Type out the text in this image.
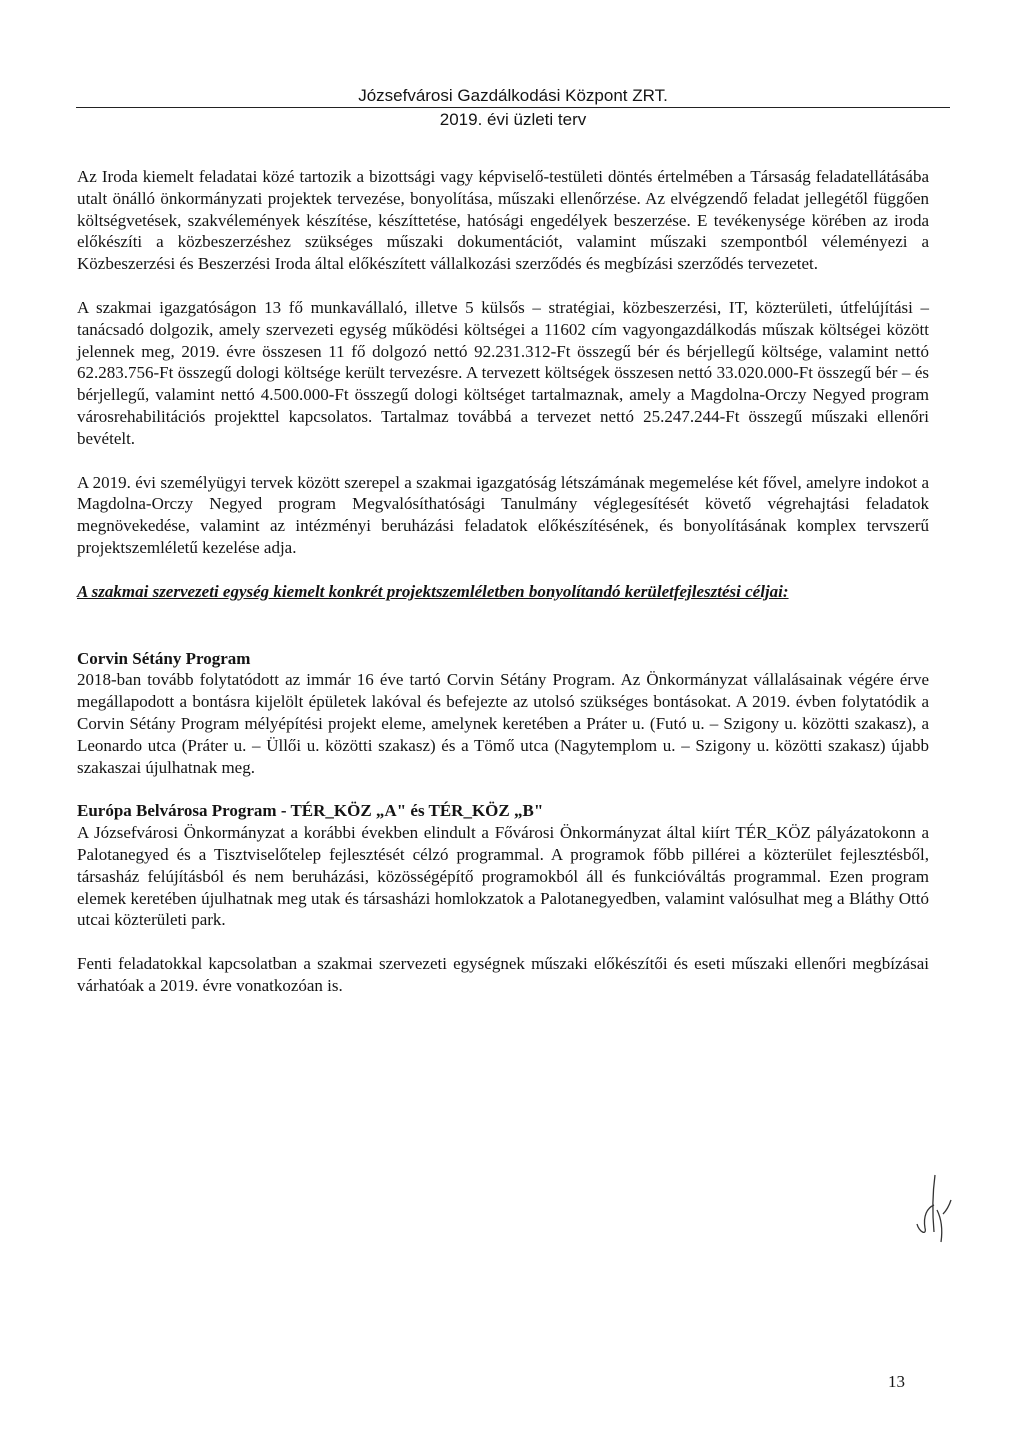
Józsefvárosi Gazdálkodási Központ ZRT.
2019. évi üzleti terv

Az Iroda kiemelt feladatai közé tartozik a bizottsági vagy képviselő-testületi döntés értelmében a Társaság feladatellátásába utalt önálló önkormányzati projektek tervezése, bonyolítása, műszaki ellenőrzése. Az elvégzendő feladat jellegétől függően költségvetések, szakvélemények készítése, készíttetése, hatósági engedélyek beszerzése. E tevékenysége körében az iroda előkészíti a közbeszerzéshez szükséges műszaki dokumentációt, valamint műszaki szempontból véleményezi a Közbeszerzési és Beszerzési Iroda által előkészített vállalkozási szerződés és megbízási szerződés tervezetet.

A szakmai igazgatóságon 13 fő munkavállaló, illetve 5 külsős – stratégiai, közbeszerzési, IT, közterületi, útfelújítási – tanácsadó dolgozik, amely szervezeti egység működési költségei a 11602 cím vagyongazdálkodás műszak költségei között jelennek meg, 2019. évre összesen 11 fő dolgozó nettó 92.231.312-Ft összegű bér és bérjellegű költsége, valamint nettó 62.283.756-Ft összegű dologi költsége került tervezésre. A tervezett költségek összesen nettó 33.020.000-Ft összegű bér – és bérjellegű, valamint nettó 4.500.000-Ft összegű dologi költséget tartalmaznak, amely a Magdolna-Orczy Negyed program városrehabilitációs projekttel kapcsolatos. Tartalmaz továbbá a tervezet nettó 25.247.244-Ft összegű műszaki ellenőri bevételt.

A 2019. évi személyügyi tervek között szerepel a szakmai igazgatóság létszámának megemelése két fővel, amelyre indokot a Magdolna-Orczy Negyed program Megvalósíthatósági Tanulmány véglegesítését követő végrehajtási feladatok megnövekedése, valamint az intézményi beruházási feladatok előkészítésének, és bonyolításának komplex tervszerű projektszemléletű kezelése adja.

A szakmai szervezeti egység kiemelt konkrét projektszemléletben bonyolítandó kerületfejlesztési céljai:

Corvin Sétány Program

2018-ban tovább folytatódott az immár 16 éve tartó Corvin Sétány Program. Az Önkormányzat vállalásainak végére érve megállapodott a bontásra kijelölt épületek lakóval és befejezte az utolsó szükséges bontásokat. A 2019. évben folytatódik a Corvin Sétány Program mélyépítési projekt eleme, amelynek keretében a Práter u. (Futó u. – Szigony u. közötti szakasz), a Leonardo utca (Práter u. – Üllői u. közötti szakasz) és a Tömő utca (Nagytemplom u. – Szigony u. közötti szakasz) újabb szakaszai újulhatnak meg.

Európa Belvárosa Program - TÉR_KÖZ „A" és TÉR_KÖZ „B"

A Józsefvárosi Önkormányzat a korábbi években elindult a Fővárosi Önkormányzat által kiírt TÉR_KÖZ pályázatokonn a Palotanegyed és a Tisztviselőtelep fejlesztését célzó programmal. A programok főbb pillérei a közterület fejlesztésből, társasház felújításból és nem beruházási, közösségépítő programokból áll és funkcióváltás programmal. Ezen program elemek keretében újulhatnak meg utak és társasházi homlokzatok a Palotanegyedben, valamint valósulhat meg a Bláthy Ottó utcai közterületi park.

Fenti feladatokkal kapcsolatban a szakmai szervezeti egységnek műszaki előkészítői és eseti műszaki ellenőri megbízásai várhatóak a 2019. évre vonatkozóan is.

13
